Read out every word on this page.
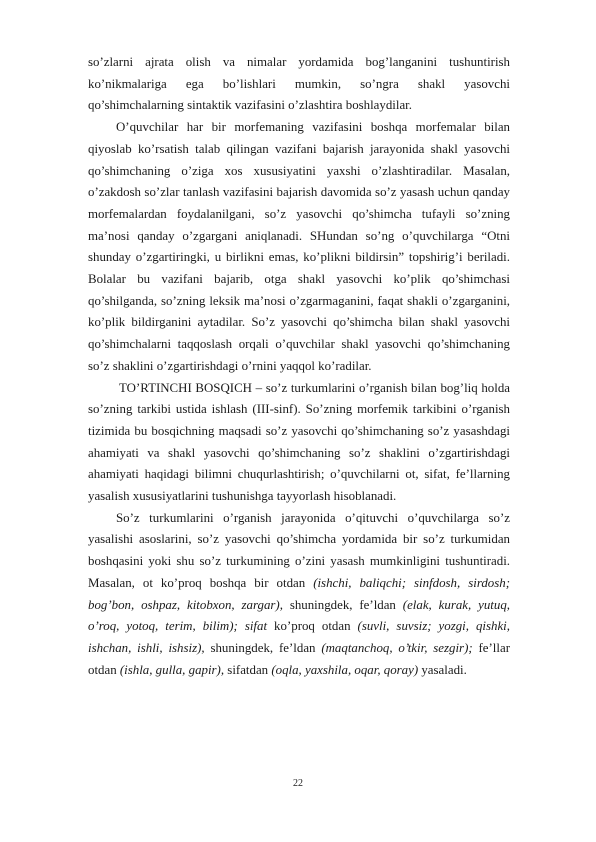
so’zlarni ajrata olish va nimalar yordamida bog’langanini tushuntirish ko’nikmalariga ega bo’lishlari mumkin, so’ngra shakl yasovchi qo’shimchalarning sintaktik vazifasini o’zlashtira boshlaydilar.

O’quvchilar har bir morfemaning vazifasini boshqa morfemalar bilan qiyoslab ko’rsatish talab qilingan vazifani bajarish jarayonida shakl yasovchi qo’shimchaning o’ziga xos xususiyatini yaxshi o’zlashtiradilar. Masalan, o’zakdosh so’zlar tanlash vazifasini bajarish davomida so’z yasash uchun qanday morfemalardan foydalanilgani, so’z yasovchi qo’shimcha tufayli so’zning ma’nosi qanday o’zgargani aniqlanadi. SHundan so’ng o’quvchilarga “Otni shunday o’zgartiringki, u birlikni emas, ko’plikni bildirsin” topshirig’i beriladi. Bolalar bu vazifani bajarib, otga shakl yasovchi ko’plik qo’shimchasi qo’shilganda, so’zning leksik ma’nosi o’zgarmaganini, faqat shakli o’zgarganini, ko’plik bildirganini aytadilar. So’z yasovchi qo’shimcha bilan shakl yasovchi qo’shimchalarni taqqoslash orqali o’quvchilar shakl yasovchi qo’shimchaning so’z shaklini o’zgartirishdagi o’rnini yaqqol ko’radilar.

TO’RTINCHI BOSQICH – so’z turkumlarini o’rganish bilan bog’liq holda so’zning tarkibi ustida ishlash (III-sinf). So’zning morfemik tarkibini o’rganish tizimida bu bosqichning maqsadi so’z yasovchi qo’shimchaning so’z yasashdagi ahamiyati va shakl yasovchi qo’shimchaning so’z shaklini o’zgartirishdagi ahamiyati haqidagi bilimni chuqurlashtirish; o’quvchilarni ot, sifat, fe’llarning yasalish xususiyatlarini tushunishga tayyorlash hisoblanadi.

So’z turkumlarini o’rganish jarayonida o’qituvchi o’quvchilarga so’z yasalishi asoslarini, so’z yasovchi qo’shimcha yordamida bir so’z turkumidan boshqasini yoki shu so’z turkumining o’zini yasash mumkinligini tushuntiradi. Masalan, ot ko’proq boshqa bir otdan (ishchi, baliqchi; sinfdosh, sirdosh; bog’bon, oshpaz, kitobxon, zargar), shuningdek, fe’ldan (elak, kurak, yutuq, o’roq, yotoq, terim, bilim); sifat ko’proq otdan (suvli, suvsiz; yozgi, qishki, ishchan, ishli, ishsiz), shuningdek, fe’ldan (maqtanchoq, o’tkir, sezgir); fe’llar otdan (ishla, gulla, gapir), sifatdan (oqla, yaxshila, oqar, qoray) yasaladi.

22
